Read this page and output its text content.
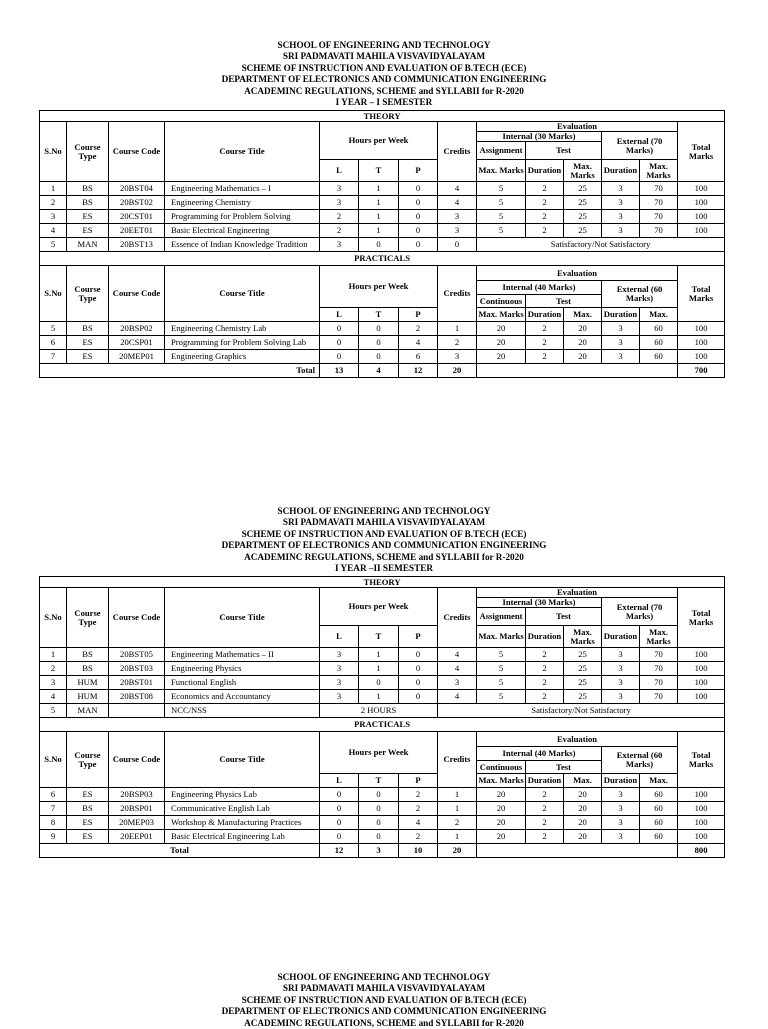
SCHOOL OF ENGINEERING AND TECHNOLOGY
SRI PADMAVATI MAHILA VISVAVIDYALAYAM
SCHEME OF INSTRUCTION AND EVALUATION OF B.TECH (ECE)
DEPARTMENT OF ELECTRONICS AND COMMUNICATION ENGINEERING
ACADEMINC REGULATIONS, SCHEME and SYLLABII for R-2020
I YEAR – I SEMESTER
THEORY													
S.No	Course Type	Course Code	Course Title	Hours per Week			Credits	Evaluation					Total Marks
								Internal (30 Marks)			External (70 Marks)		
								Assignment	Test				
				L	T	P		Max. Marks	Duration	Max. Marks	Duration	Max. Marks	
1	BS	20BST04	Engineering Mathematics – I	3	1	0	4	5	2	25	3	70	100
2	BS	20BST02	Engineering Chemistry	3	1	0	4	5	2	25	3	70	100
3	ES	20CST01	Programming for Problem Solving	2	1	0	3	5	2	25	3	70	100
4	ES	20EET01	Basic Electrical Engineering	2	1	0	3	5	2	25	3	70	100
5	MAN	20BST13	Essence of Indian Knowledge Tradition	3	0	0	0	Satisfactory/Not Satisfactory					
PRACTICALS													
S.No	Course Type	Course Code	Course Title	Hours per Week			Credits	Evaluation					Total Marks
								Internal (40 Marks)			External (60 Marks)		
								Continuous	Test				
				L	T	P		Max. Marks	Duration	Max.	Duration	Max.	
5	BS	20BSP02	Engineering Chemistry Lab	0	0	2	1	20	2	20	3	60	100
6	ES	20CSP01	Programming for Problem Solving Lab	0	0	4	2	20	2	20	3	60	100
7	ES	20MEP01	Engineering Graphics	0	0	6	3	20	2	20	3	60	100
Total				13	4	12	20						700
SCHOOL OF ENGINEERING AND TECHNOLOGY
SRI PADMAVATI MAHILA VISVAVIDYALAYAM
SCHEME OF INSTRUCTION AND EVALUATION OF B.TECH (ECE)
DEPARTMENT OF ELECTRONICS AND COMMUNICATION ENGINEERING
ACADEMINC REGULATIONS, SCHEME and SYLLABII for R-2020
I YEAR –II SEMESTER
THEORY													
S.No	Course Type	Course Code	Course Title	Hours per Week			Credits	Evaluation					Total Marks
								Internal (30 Marks)			External (70 Marks)		
								Assignment	Test				
				L	T	P		Max. Marks	Duration	Max. Marks	Duration	Max. Marks	
1	BS	20BST05	Engineering Mathematics – II	3	1	0	4	5	2	25	3	70	100
2	BS	20BST03	Engineering Physics	3	1	0	4	5	2	25	3	70	100
3	HUM	20BST01	Functional English	3	0	0	3	5	2	25	3	70	100
4	HUM	20BST08	Economics and Accountancy	3	1	0	4	5	2	25	3	70	100
5	MAN		NCC/NSS	2 HOURS			Satisfactory/Not Satisfactory						
PRACTICALS													
S.No	Course Type	Course Code	Course Title	Hours per Week			Credits	Evaluation					Total Marks
								Internal (40 Marks)			External (60 Marks)		
								Continuous	Test				
				L	T	P		Max. Marks	Duration	Max.	Duration	Max.	
6	ES	20BSP03	Engineering Physics Lab	0	0	2	1	20	2	20	3	60	100
7	BS	20BSP01	Communicative English Lab	0	0	2	1	20	2	20	3	60	100
8	ES	20MEP03	Workshop & Manufacturing Practices	0	0	4	2	20	2	20	3	60	100
9	ES	20EEP01	Basic Electrical Engineering Lab	0	0	2	1	20	2	20	3	60	100
Total				12	3	10	20						800
SCHOOL OF ENGINEERING AND TECHNOLOGY
SRI PADMAVATI MAHILA VISVAVIDYALAYAM
SCHEME OF INSTRUCTION AND EVALUATION OF B.TECH (ECE)
DEPARTMENT OF ELECTRONICS AND COMMUNICATION ENGINEERING
ACADEMINC REGULATIONS, SCHEME and SYLLABII for R-2020
